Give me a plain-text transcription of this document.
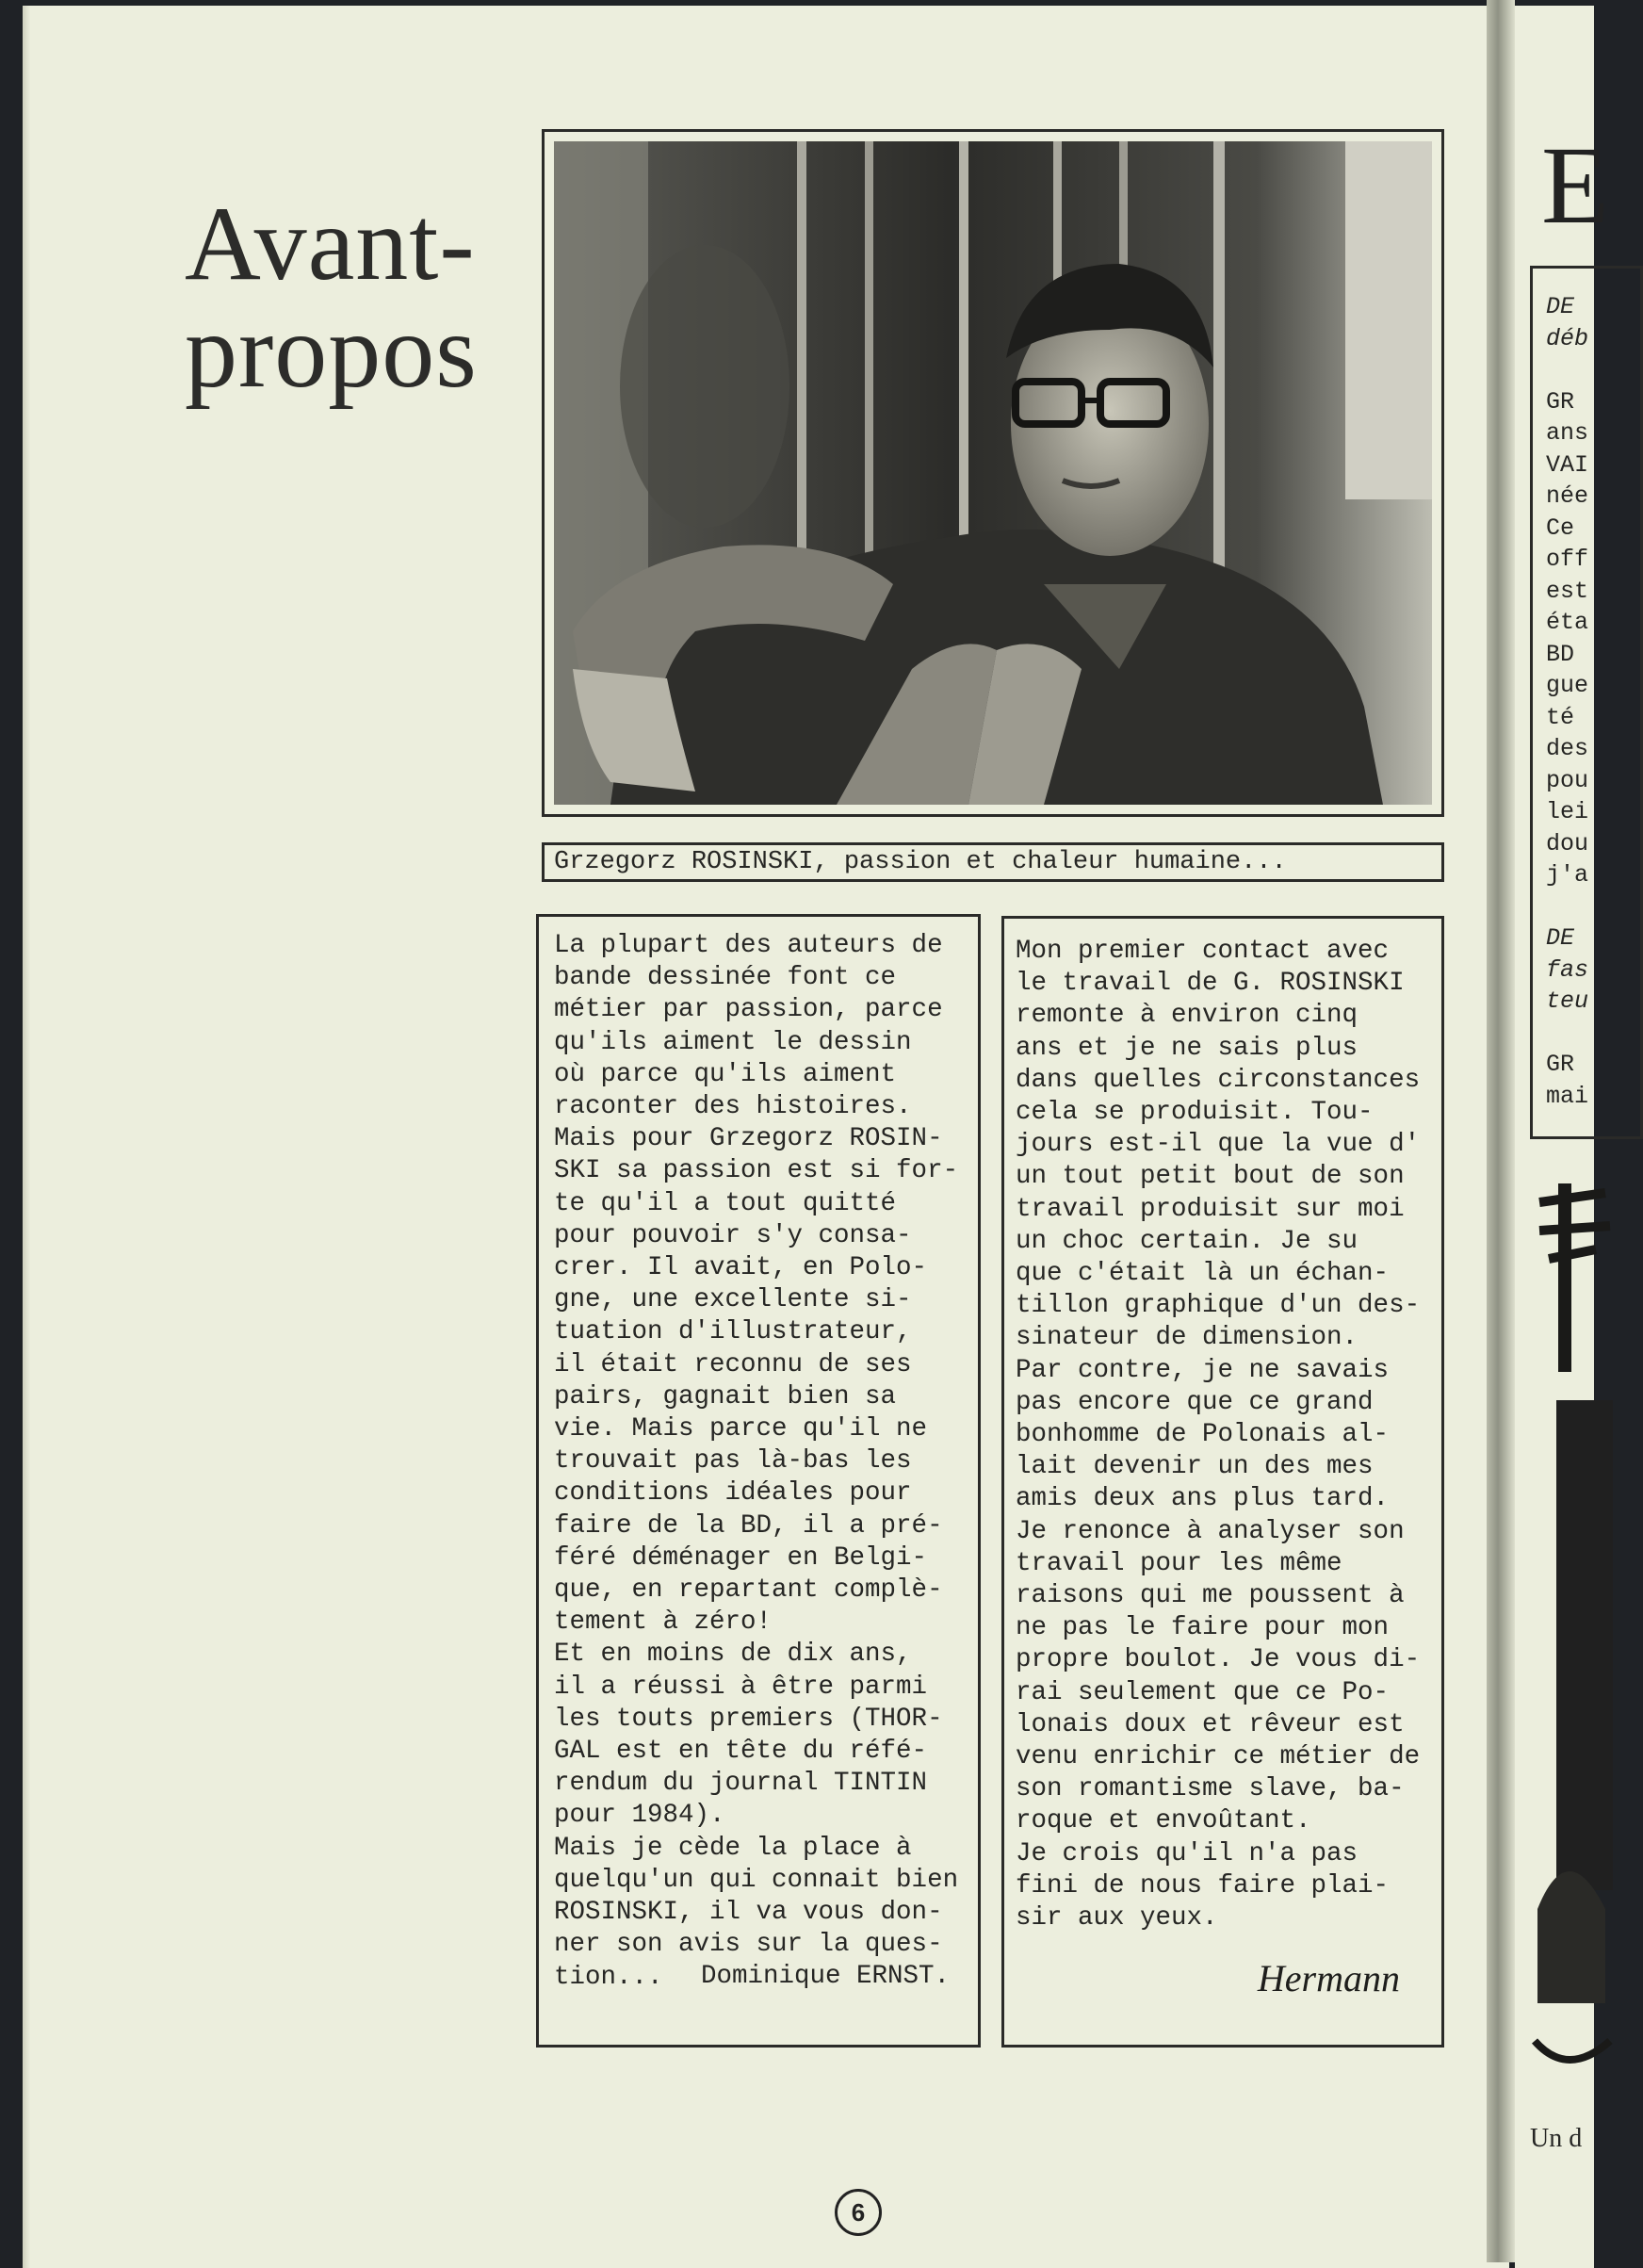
Avant-
propos
Grzegorz ROSINSKI, passion et chaleur humaine...
La plupart des auteurs de
bande dessinée font ce
métier par passion, parce
qu'ils aiment le dessin
où parce qu'ils aiment
raconter des histoires.
Mais pour Grzegorz ROSIN-
SKI sa passion est si for-
te qu'il a tout quitté
pour pouvoir s'y consa-
crer. Il avait, en Polo-
gne, une excellente si-
tuation d'illustrateur,
il était reconnu de ses
pairs, gagnait bien sa
vie. Mais parce qu'il ne
trouvait pas là-bas les
conditions idéales pour
faire de la BD, il a pré-
féré déménager en Belgi-
que, en repartant complè-
tement à zéro!
Et en moins de dix ans,
il a réussi à être parmi
les touts premiers (THOR-
GAL est en tête du réfé-
rendum du journal TINTIN
pour 1984).
Mais je cède la place à
quelqu'un qui connait bien
ROSINSKI, il va vous don-
ner son avis sur la ques-
tion...	Dominique ERNST.
Mon premier contact avec
le travail de G. ROSINSKI
remonte à environ cinq
ans et je ne sais plus
dans quelles circonstances
cela se produisit. Tou-
jours est-il que la vue d'
un tout petit bout de son
travail produisit sur moi
un choc certain. Je su
que c'était là un échan-
tillon graphique d'un des-
sinateur de dimension.
Par contre, je ne savais
pas encore que ce grand
bonhomme de Polonais al-
lait devenir un des mes
amis deux ans plus tard.
Je renonce à analyser son
travail pour les même
raisons qui me poussent à
ne pas le faire pour mon
propre boulot. Je vous di-
rai seulement que ce Po-
lonais doux et rêveur est
venu enrichir ce métier de
son romantisme slave, ba-
roque et envoûtant.
Je crois qu'il n'a pas
fini de nous faire plai-
sir aux yeux.
Hermann
6
E
DE
déb

GR
ans
VAI
née
Ce
off
est
éta
BD
gue
té
des
pou
lei
dou
j'a

DE
fas
teu

GR
mai
Un d
